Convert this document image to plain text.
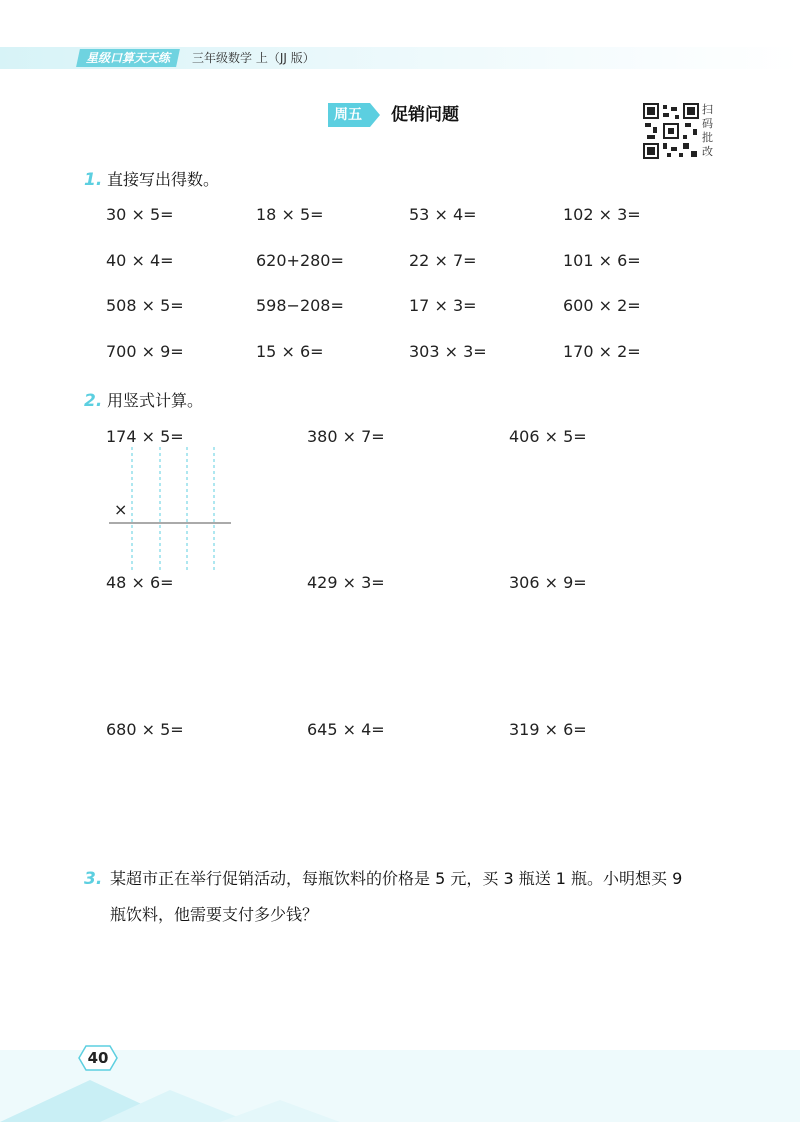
星级口算天天练	三年级数学 上（JJ 版）
周五 促销问题	扫码批改
1. 直接写出得数。
30 × 5=	18 × 5=	53 × 4=	102 × 3=
40 × 4=	620+280=	22 × 7=	101 × 6=
508 × 5=	598−208=	17 × 3=	600 × 2=
700 × 9=	15 × 6=	303 × 3=	170 × 2=
2. 用竖式计算。
174 × 5=	380 × 7=	406 × 5=
×
48 × 6=	429 × 3=	306 × 9=
680 × 5=	645 × 4=	319 × 6=
3. 某超市正在举行促销活动，每瓶饮料的价格是 5 元，买 3 瓶送 1 瓶。小明想买 9
瓶饮料，他需要支付多少钱？
40
